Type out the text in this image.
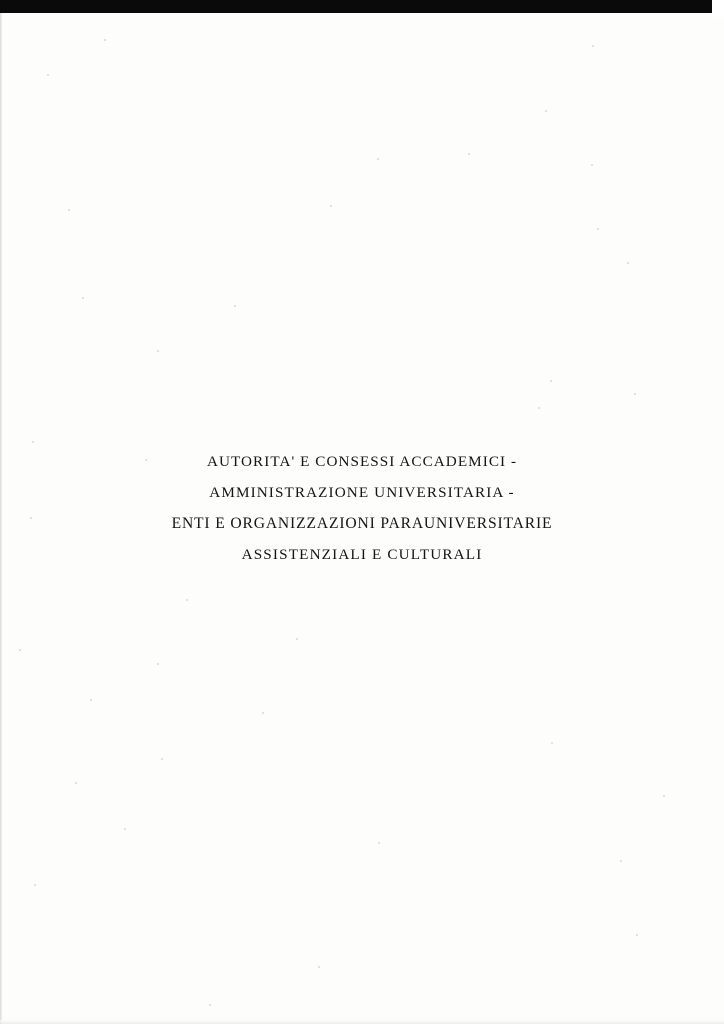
AUTORITA' E CONSESSI ACCADEMICI -
AMMINISTRAZIONE UNIVERSITARIA -
ENTI E ORGANIZZAZIONI PARAUNIVERSITARIE
ASSISTENZIALI E CULTURALI
